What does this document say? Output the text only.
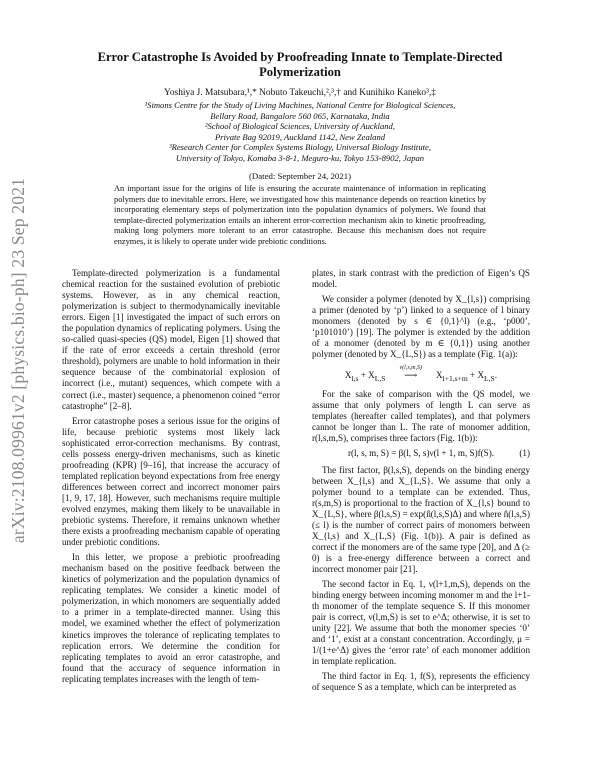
arXiv:2108.09961v2 [physics.bio-ph] 23 Sep 2021
Error Catastrophe Is Avoided by Proofreading Innate to Template-Directed Polymerization
Yoshiya J. Matsubara,¹,* Nobuto Takeuchi,²,³,† and Kunihiko Kaneko³,‡
¹Simons Centre for the Study of Living Machines, National Centre for Biological Sciences,
Bellary Road, Bangalore 560 065, Karnataka, India
²School of Biological Sciences, University of Auckland,
Private Bag 92019, Auckland 1142, New Zealand
³Research Center for Complex Systems Biology, Universal Biology Institute,
University of Tokyo, Komaba 3-8-1, Meguro-ku, Tokyo 153-8902, Japan
(Dated: September 24, 2021)
An important issue for the origins of life is ensuring the accurate maintenance of information in replicating polymers due to inevitable errors. Here, we investigated how this maintenance depends on reaction kinetics by incorporating elementary steps of polymerization into the population dynamics of polymers. We found that template-directed polymerization entails an inherent error-correction mechanism akin to kinetic proofreading, making long polymers more tolerant to an error catastrophe. Because this mechanism does not require enzymes, it is likely to operate under wide prebiotic conditions.

Template-directed polymerization is a fundamental chemical reaction for the sustained evolution of prebiotic systems. However, as in any chemical reaction, polymerization is subject to thermodynamically inevitable errors. Eigen [1] investigated the impact of such errors on the population dynamics of replicating polymers. Using the so-called quasi-species (QS) model, Eigen [1] showed that if the rate of error exceeds a certain threshold (error threshold), polymers are unable to hold information in their sequence because of the combinatorial explosion of incorrect (i.e., mutant) sequences, which compete with a correct (i.e., master) sequence, a phenomenon coined “error catastrophe” [2–8].

Error catastrophe poses a serious issue for the origins of life, because prebiotic systems most likely lack sophisticated error-correction mechanisms. By contrast, cells possess energy-driven mechanisms, such as kinetic proofreading (KPR) [9–16], that increase the accuracy of templated replication beyond expectations from free energy differences between correct and incorrect monomer pairs [1, 9, 17, 18]. However, such mechanisms require multiple evolved enzymes, making them likely to be unavailable in prebiotic systems. Therefore, it remains unknown whether there exists a proofreading mechanism capable of operating under prebiotic conditions.

In this letter, we propose a prebiotic proofreading mechanism based on the positive feedback between the kinetics of polymerization and the population dynamics of replicating templates. We consider a kinetic model of polymerization, in which monomers are sequentially added to a primer in a template-directed manner. Using this model, we examined whether the effect of polymerization kinetics improves the tolerance of replicating templates to replication errors. We determine the condition for replicating templates to avoid an error catastrophe, and found that the accuracy of sequence information in replicating templates increases with the length of tem-

plates, in stark contrast with the prediction of Eigen’s QS model.

We consider a polymer (denoted by X_{l,s}) comprising a primer (denoted by ‘p’) linked to a sequence of l binary monomers (denoted by s ∈ {0,1}^l) (e.g., ‘p000’, ‘p101010’) [19]. The polymer is extended by the addition of a monomer (denoted by m ∈ {0,1}) using another polymer (denoted by X_{L,S}) as a template (Fig. 1(a)):

$X_{l,s} + X_{L,S}$
v(l,s,m,S)
⟶ $X_{l+1,s+m} + X_{L,S}$.

For the sake of comparison with the QS model, we assume that only polymers of length L can serve as templates (hereafter called templates), and that polymers cannot be longer than L. The rate of monomer addition, r(l,s,m,S), comprises three factors (Fig. 1(b)):

r(l, s, m, S) = β(l, S, s)ν(l + 1, m, S)f(S).	(1)

The first factor, β(l,s,S), depends on the binding energy between X_{l,s} and X_{L,S}. We assume that only a polymer bound to a template can be extended. Thus, r(s,m,S) is proportional to the fraction of X_{l,s} bound to X_{L,S}, where β(l,s,S) = exp(n̂(l,s,S)Δ) and where n̂(l,s,S)(≤ l) is the number of correct pairs of monomers between X_{l,s} and X_{L,S} (Fig. 1(b)). A pair is defined as correct if the monomers are of the same type [20], and Δ (≥ 0) is a free-energy difference between a correct and incorrect monomer pair [21].

The second factor in Eq. 1, ν(l+1,m,S), depends on the binding energy between incoming monomer m and the l+1-th monomer of the template sequence S. If this monomer pair is correct, ν(l,m,S) is set to e^Δ; otherwise, it is set to unity [22]. We assume that both the monomer species ‘0’ and ‘1’, exist at a constant concentration. Accordingly, μ = 1/(1+e^Δ) gives the ‘error rate’ of each monomer addition in template replication.

The third factor in Eq. 1, f(S), represents the efficiency of sequence S as a template, which can be interpreted as
